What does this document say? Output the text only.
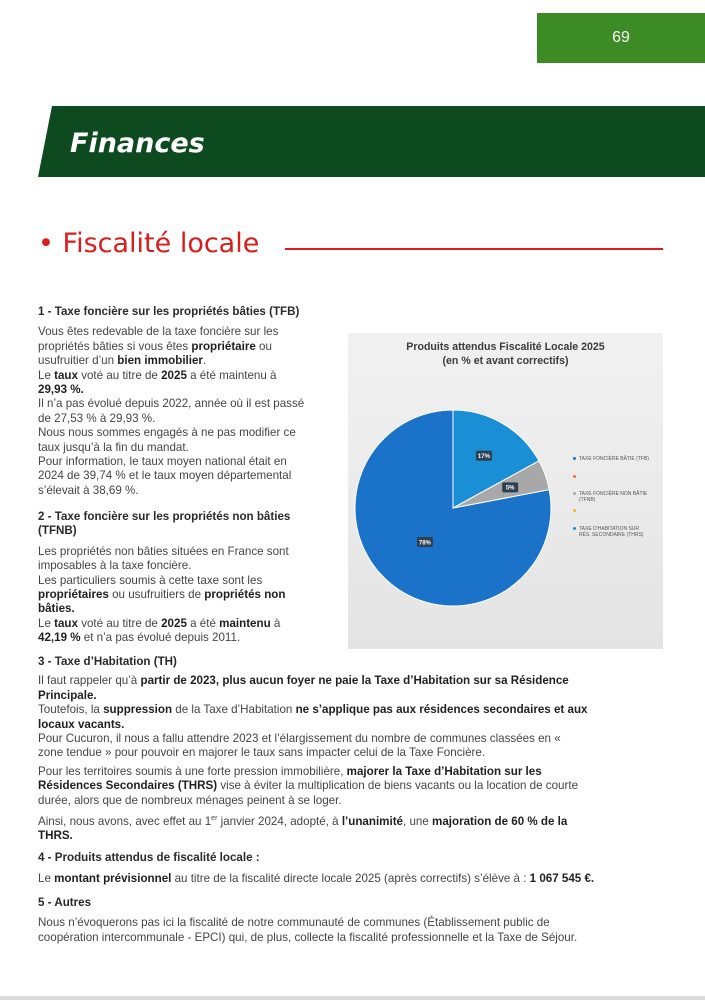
69
Finances
• Fiscalité locale

1 - Taxe foncière sur les propriétés bâties (TFB)

Vous êtes redevable de la taxe foncière sur les

propriétés bâties si vous êtes propriétaire ou

usufruitier d’un bien immobilier.

Le taux voté au titre de 2025 a été maintenu à

29,93 %.

Il n’a pas évolué depuis 2022, année où il est passé

de 27,53 % à 29,93 %.

Nous nous sommes engagés à ne pas modifier ce

taux jusqu’à la fin du mandat.

Pour information, le taux moyen national était en

2024 de 39,74 % et le taux moyen départemental

s’élevait à 38,69 %.

2 - Taxe foncière sur les propriétés non bâties

(TFNB)

Les propriétés non bâties situées en France sont

imposables à la taxe foncière.

Les particuliers soumis à cette taxe sont les

propriétaires ou usufruitiers de propriétés non

bâties.

Le taux voté au titre de 2025 a été maintenu à

42,19 % et n’a pas évolué depuis 2011.

Produits attendus Fiscalité Locale 2025
(en % et avant correctifs)
78%
5%
17%	TAXE FONCIÈRE BÂTIE (TFB)
TAXE FONCIÈRE NON BÂTIE (TFNB)
TAXE D’HABITATION SUR RÉS. SECONDAIRE (THRS)

3 - Taxe d’Habitation (TH)

Il faut rappeler qu’à partir de 2023, plus aucun foyer ne paie la Taxe d’Habitation sur sa Résidence

Principale.

Toutefois, la suppression de la Taxe d’Habitation ne s’applique pas aux résidences secondaires et aux

locaux vacants.

Pour Cucuron, il nous a fallu attendre 2023 et l’élargissement du nombre de communes classées en «

zone tendue » pour pouvoir en majorer le taux sans impacter celui de la Taxe Foncière.

Pour les territoires soumis à une forte pression immobilière, majorer la Taxe d’Habitation sur les

Résidences Secondaires (THRS) vise à éviter la multiplication de biens vacants ou la location de courte

durée, alors que de nombreux ménages peinent à se loger.

Ainsi, nous avons, avec effet au 1er janvier 2024, adopté, à l’unanimité, une majoration de 60 % de la

THRS.

4 - Produits attendus de fiscalité locale :

Le montant prévisionnel au titre de la fiscalité directe locale 2025 (après correctifs) s’élève à : 1 067 545 €.

5 - Autres

Nous n’évoquerons pas ici la fiscalité de notre communauté de communes (Établissement public de

coopération intercommunale - EPCI) qui, de plus, collecte la fiscalité professionnelle et la Taxe de Séjour.
